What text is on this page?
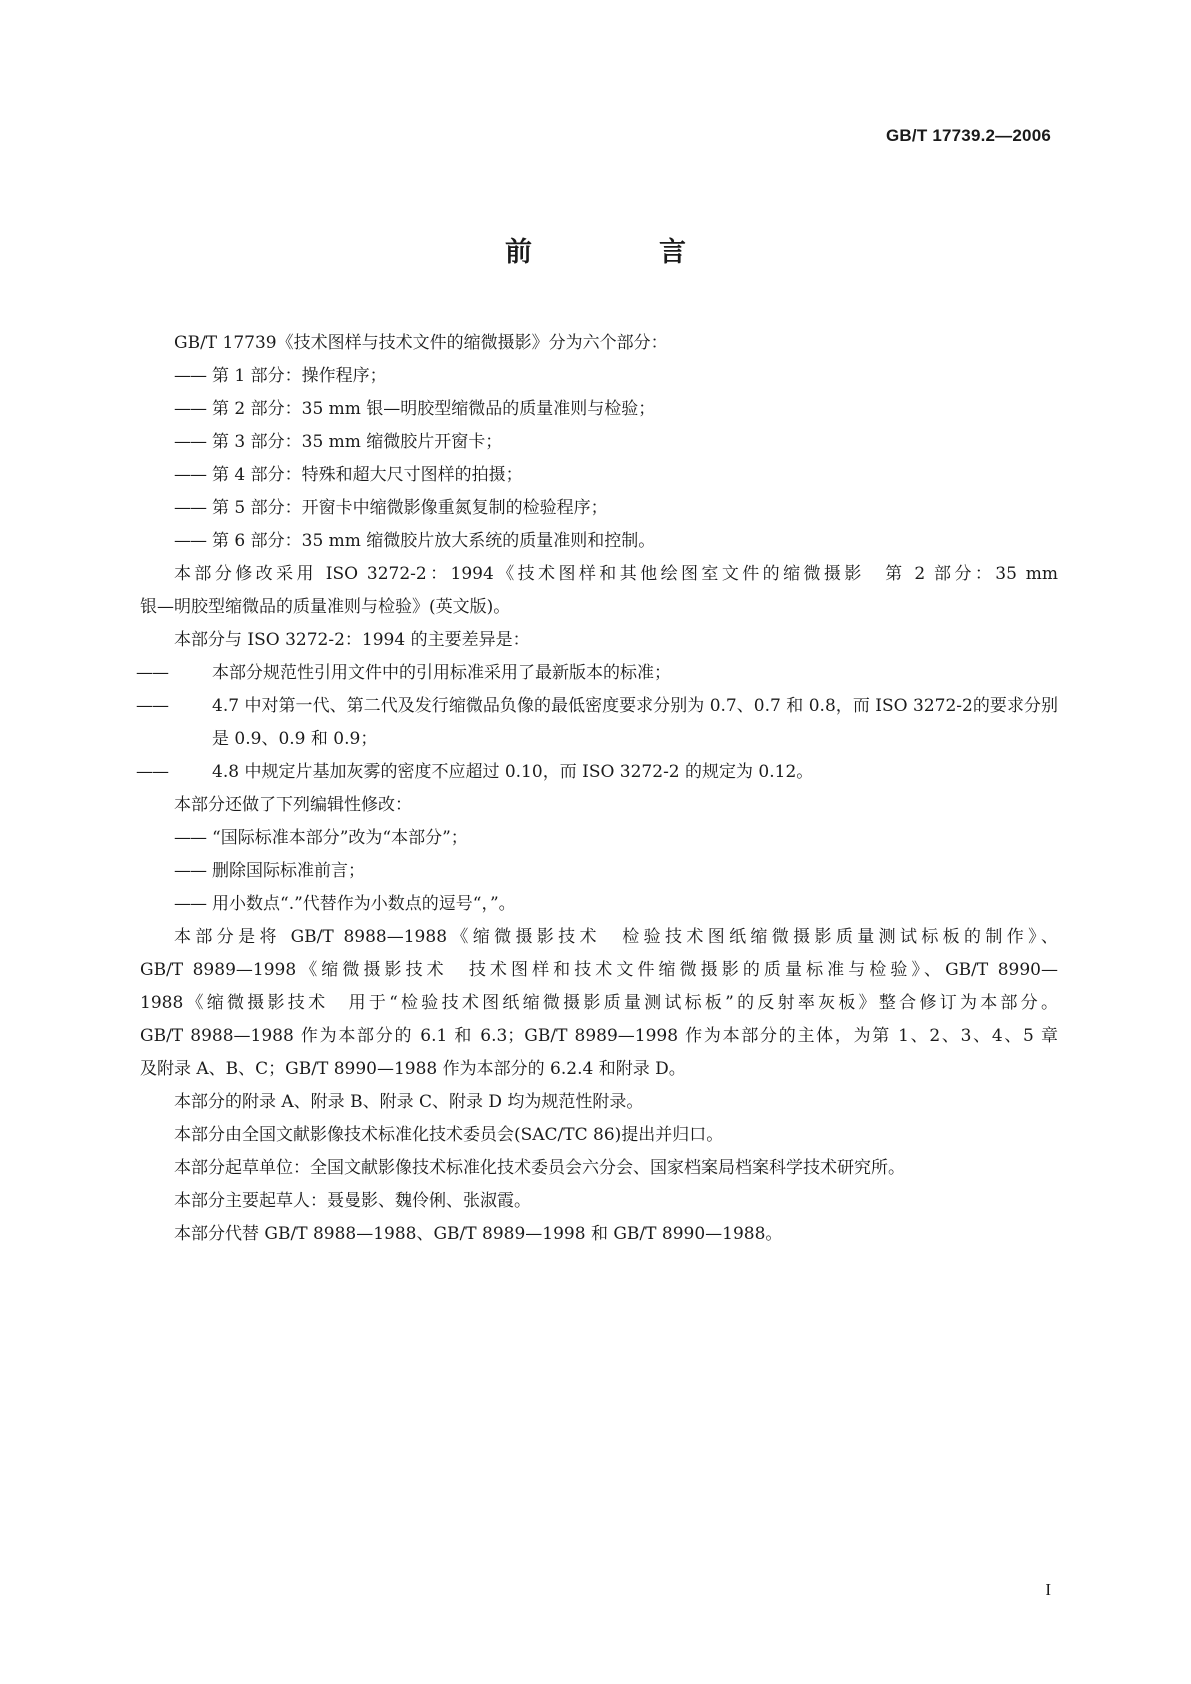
GB/T 17739.2—2006
前　言

GB/T 17739《技术图样与技术文件的缩微摄影》分为六个部分：

—— 第 1 部分：操作程序；

—— 第 2 部分：35 mm 银—明胶型缩微品的质量准则与检验；

—— 第 3 部分：35 mm 缩微胶片开窗卡；

—— 第 4 部分：特殊和超大尺寸图样的拍摄；

—— 第 5 部分：开窗卡中缩微影像重氮复制的检验程序；

—— 第 6 部分：35 mm 缩微胶片放大系统的质量准则和控制。

本部分修改采用 ISO 3272-2：1994《技术图样和其他绘图室文件的缩微摄影　第 2 部分：35 mm

银—明胶型缩微品的质量准则与检验》(英文版)。

本部分与 ISO 3272-2：1994 的主要差异是：

——	本部分规范性引用文件中的引用标准采用了最新版本的标准；

——	4.7 中对第一代、第二代及发行缩微品负像的最低密度要求分别为 0.7、0.7 和 0.8，而 ISO 3272-2的要求分别是 0.9、0.9 和 0.9；

——	4.8 中规定片基加灰雾的密度不应超过 0.10，而 ISO 3272-2 的规定为 0.12。

本部分还做了下列编辑性修改：

—— “国际标准本部分”改为“本部分”；

—— 删除国际标准前言；

—— 用小数点“.”代替作为小数点的逗号“，”。

本部分是将 GB/T 8988—1988《缩微摄影技术　检验技术图纸缩微摄影质量测试标板的制作》、

GB/T 8989—1998《缩微摄影技术　技术图样和技术文件缩微摄影的质量标准与检验》、GB/T 8990—

1988《缩微摄影技术　用于“检验技术图纸缩微摄影质量测试标板”的反射率灰板》整合修订为本部分。

GB/T 8988—1988 作为本部分的 6.1 和 6.3；GB/T 8989—1998 作为本部分的主体，为第 1、2、3、4、5 章

及附录 A、B、C；GB/T 8990—1988 作为本部分的 6.2.4 和附录 D。

本部分的附录 A、附录 B、附录 C、附录 D 均为规范性附录。

本部分由全国文献影像技术标准化技术委员会(SAC/TC 86)提出并归口。

本部分起草单位：全国文献影像技术标准化技术委员会六分会、国家档案局档案科学技术研究所。

本部分主要起草人：聂曼影、魏伶俐、张淑霞。

本部分代替 GB/T 8988—1988、GB/T 8989—1998 和 GB/T 8990—1988。

I
